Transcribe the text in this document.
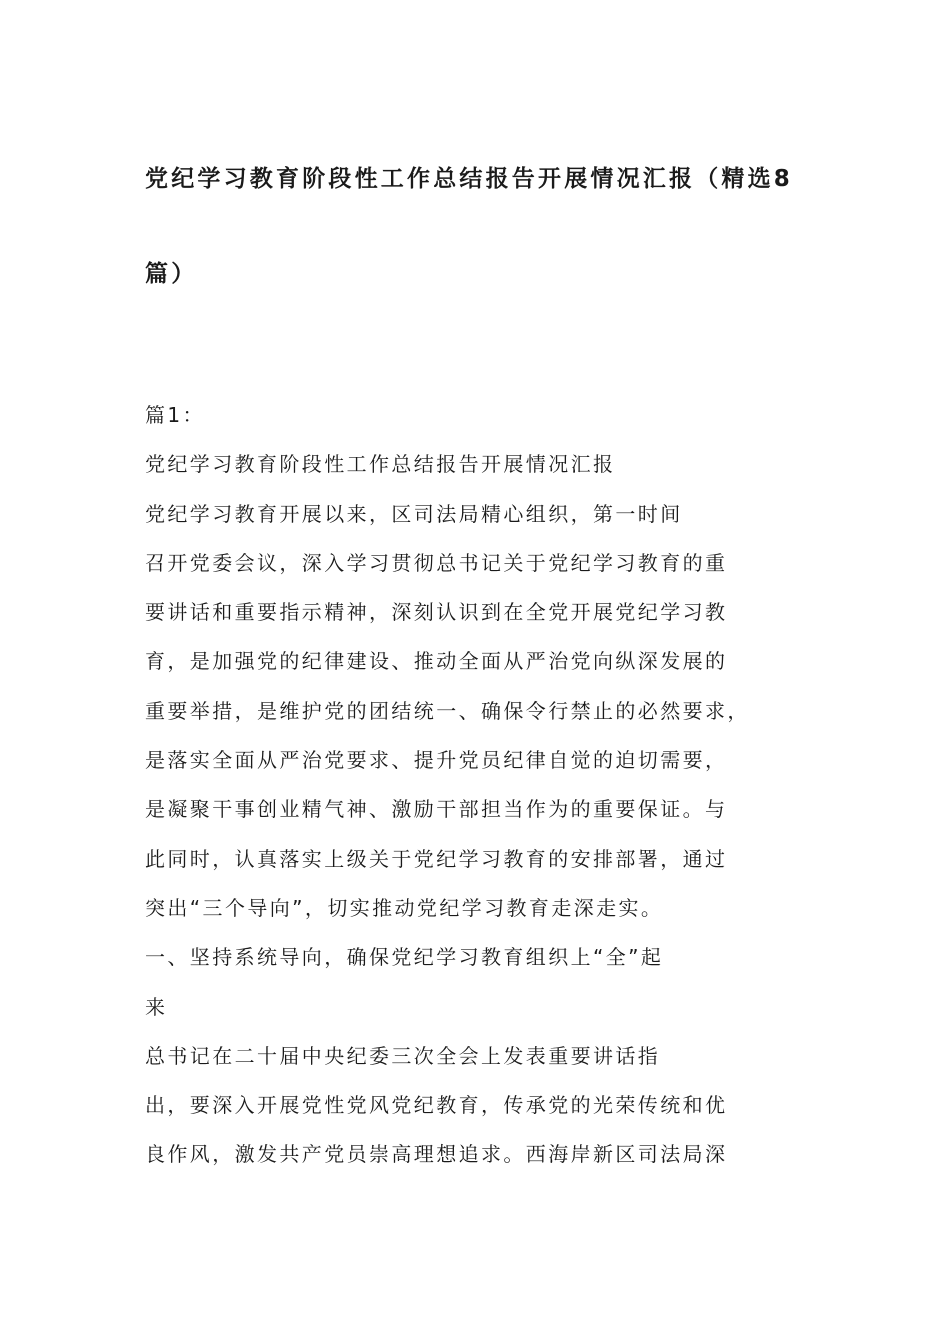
党纪学习教育阶段性工作总结报告开展情况汇报（精选8
篇）
篇1：
党纪学习教育阶段性工作总结报告开展情况汇报
党纪学习教育开展以来，区司法局精心组织，第一时间
召开党委会议，深入学习贯彻总书记关于党纪学习教育的重
要讲话和重要指示精神，深刻认识到在全党开展党纪学习教
育，是加强党的纪律建设、推动全面从严治党向纵深发展的
重要举措，是维护党的团结统一、确保令行禁止的必然要求，
是落实全面从严治党要求、提升党员纪律自觉的迫切需要，
是凝聚干事创业精气神、激励干部担当作为的重要保证。与
此同时，认真落实上级关于党纪学习教育的安排部署，通过
突出“三个导向”，切实推动党纪学习教育走深走实。
一、坚持系统导向，确保党纪学习教育组织上“全”起
来
总书记在二十届中央纪委三次全会上发表重要讲话指
出，要深入开展党性党风党纪教育，传承党的光荣传统和优
良作风，激发共产党员崇高理想追求。西海岸新区司法局深
